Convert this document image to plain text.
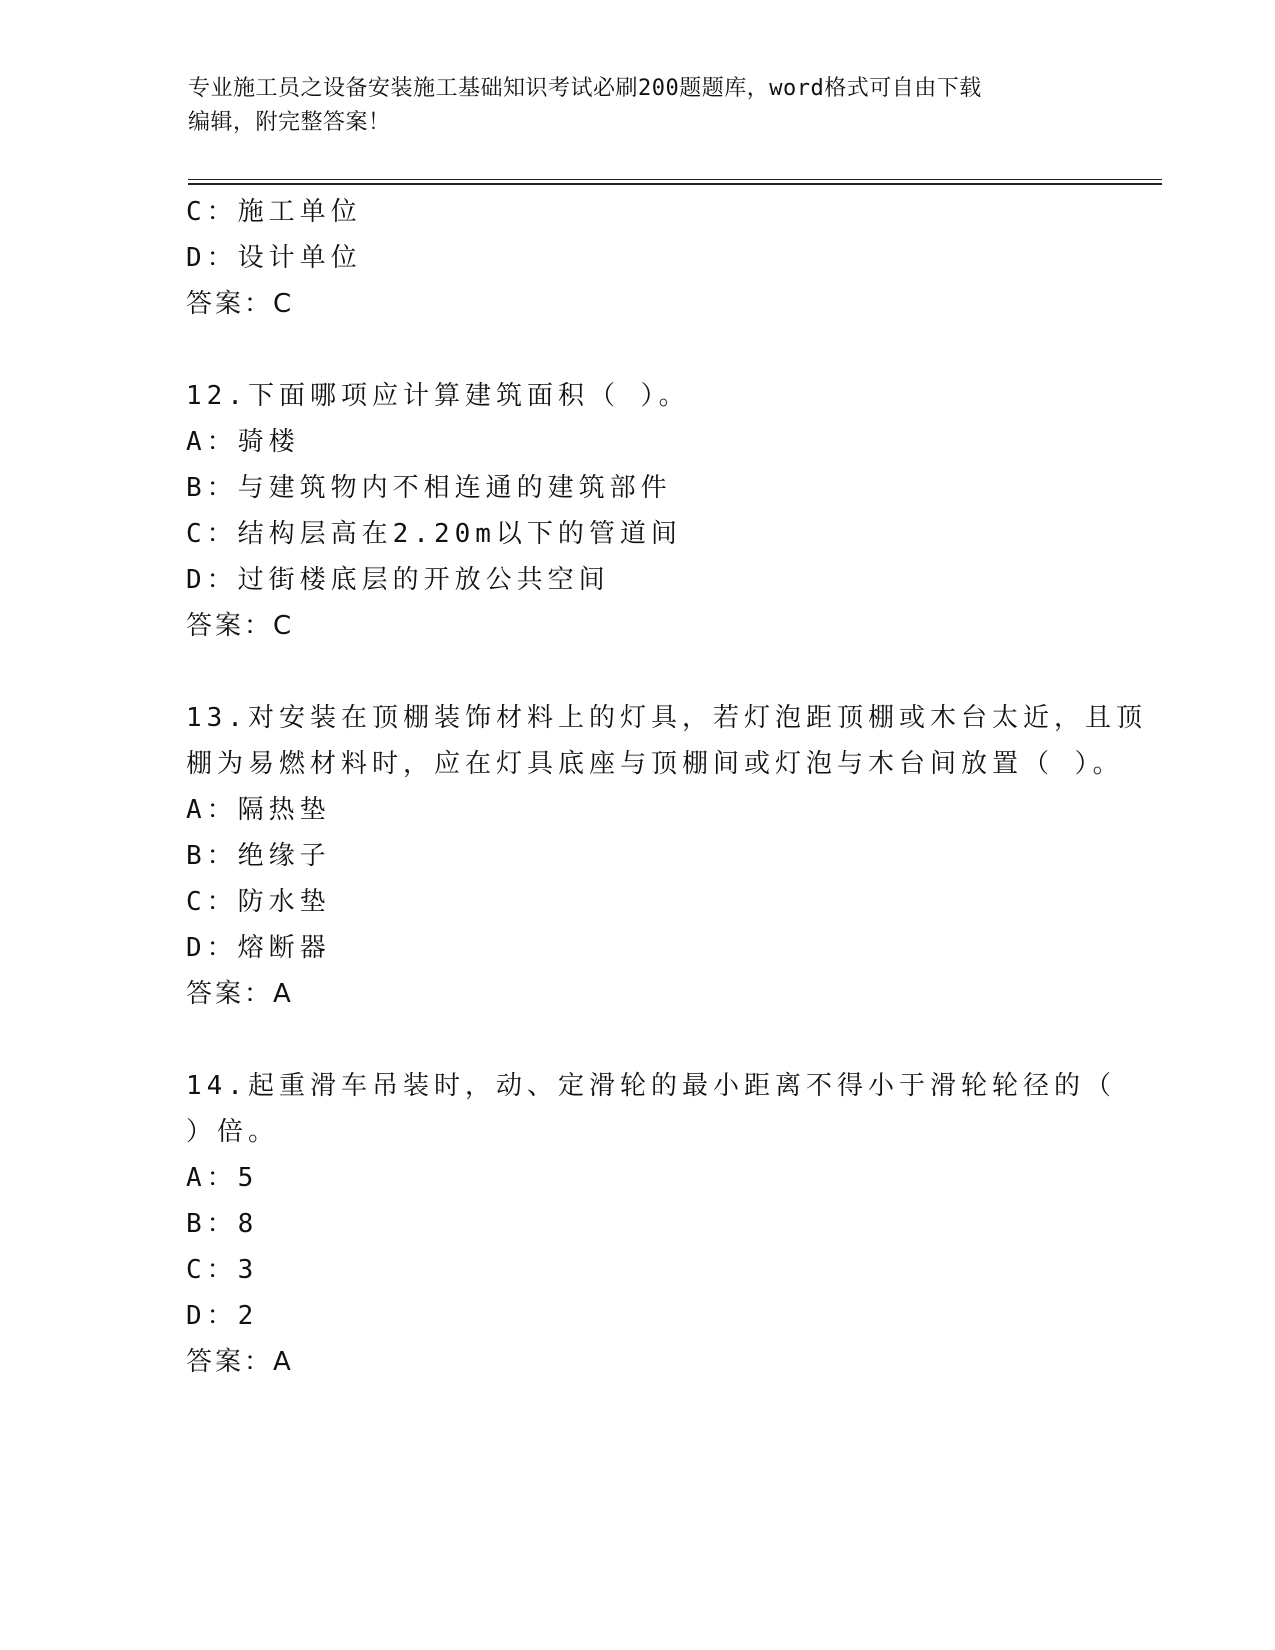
专业施工员之设备安装施工基础知识考试必刷200题题库，word格式可自由下载
编辑，附完整答案！
C：施工单位
D：设计单位
答案：C
12.下面哪项应计算建筑面积（ ）。
A：骑楼
B：与建筑物内不相连通的建筑部件
C：结构层高在2.20m以下的管道间
D：过街楼底层的开放公共空间
答案：C
13.对安装在顶棚装饰材料上的灯具，若灯泡距顶棚或木台太近，且顶
棚为易燃材料时，应在灯具底座与顶棚间或灯泡与木台间放置（ ）。
A：隔热垫
B：绝缘子
C：防水垫
D：熔断器
答案：A
14.起重滑车吊装时，动、定滑轮的最小距离不得小于滑轮轮径的（
）倍。
A：5
B：8
C：3
D：2
答案：A
